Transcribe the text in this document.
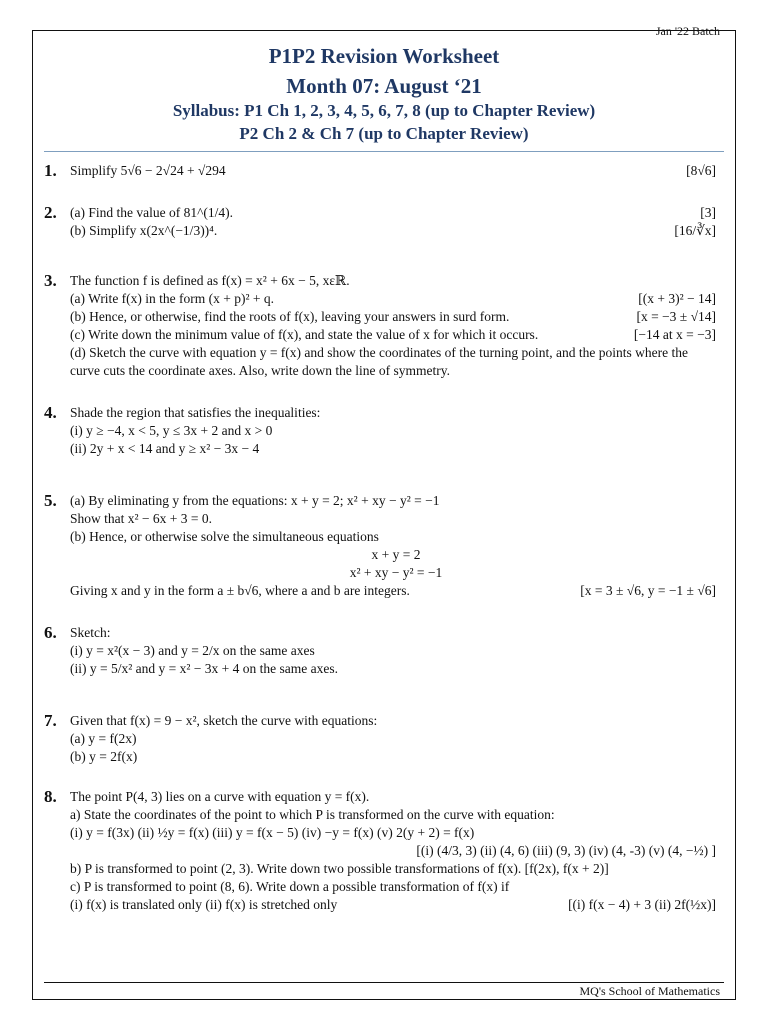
Jan '22 Batch
P1P2 Revision Worksheet
Month 07: August ‘21
Syllabus: P1 Ch 1, 2, 3, 4, 5, 6, 7, 8 (up to Chapter Review)
P2 Ch 2 & Ch 7 (up to Chapter Review)
1. Simplify 5√6 − 2√24 + √294	[8√6]
2. (a) Find the value of 81^(1/4).	[3]
(b) Simplify x(2x^(−1/3))⁴.	[16/∛x]
3. The function f is defined as f(x) = x² + 6x − 5, xεℝ.
(a) Write f(x) in the form (x + p)² + q.	[(x + 3)² − 14]
(b) Hence, or otherwise, find the roots of f(x), leaving your answers in surd form.	[x = −3 ± √14]
(c) Write down the minimum value of f(x), and state the value of x for which it occurs.	[−14 at x = −3]
(d) Sketch the curve with equation y = f(x) and show the coordinates of the turning point, and the points where the
curve cuts the coordinate axes. Also, write down the line of symmetry.
4. Shade the region that satisfies the inequalities:
(i) y ≥ −4, x < 5, y ≤ 3x + 2 and x > 0
(ii) 2y + x < 14 and y ≥ x² − 3x − 4
5. (a) By eliminating y from the equations: x + y = 2; x² + xy − y² = −1
Show that x² − 6x + 3 = 0.
(b) Hence, or otherwise solve the simultaneous equations
x + y = 2
x² + xy − y² = −1
Giving x and y in the form a ± b√6, where a and b are integers.	[x = 3 ± √6, y = −1 ± √6]
6. Sketch:
(i) y = x²(x − 3) and y = 2/x on the same axes
(ii) y = 5/x² and y = x² − 3x + 4 on the same axes.
7. Given that f(x) = 9 − x², sketch the curve with equations:
(a) y = f(2x)
(b) y = 2f(x)
8. The point P(4, 3) lies on a curve with equation y = f(x).
a) State the coordinates of the point to which P is transformed on the curve with equation:
(i) y = f(3x) (ii) ½y = f(x) (iii) y = f(x − 5) (iv) −y = f(x) (v) 2(y + 2) = f(x)
[(i) (4/3, 3) (ii) (4, 6) (iii) (9, 3) (iv) (4, -3) (v) (4, −½) ]
b) P is transformed to point (2, 3). Write down two possible transformations of f(x). [f(2x), f(x + 2)]
c) P is transformed to point (8, 6). Write down a possible transformation of f(x) if
(i) f(x) is translated only (ii) f(x) is stretched only	[(i) f(x − 4) + 3 (ii) 2f(½x)]
MQ's School of Mathematics
